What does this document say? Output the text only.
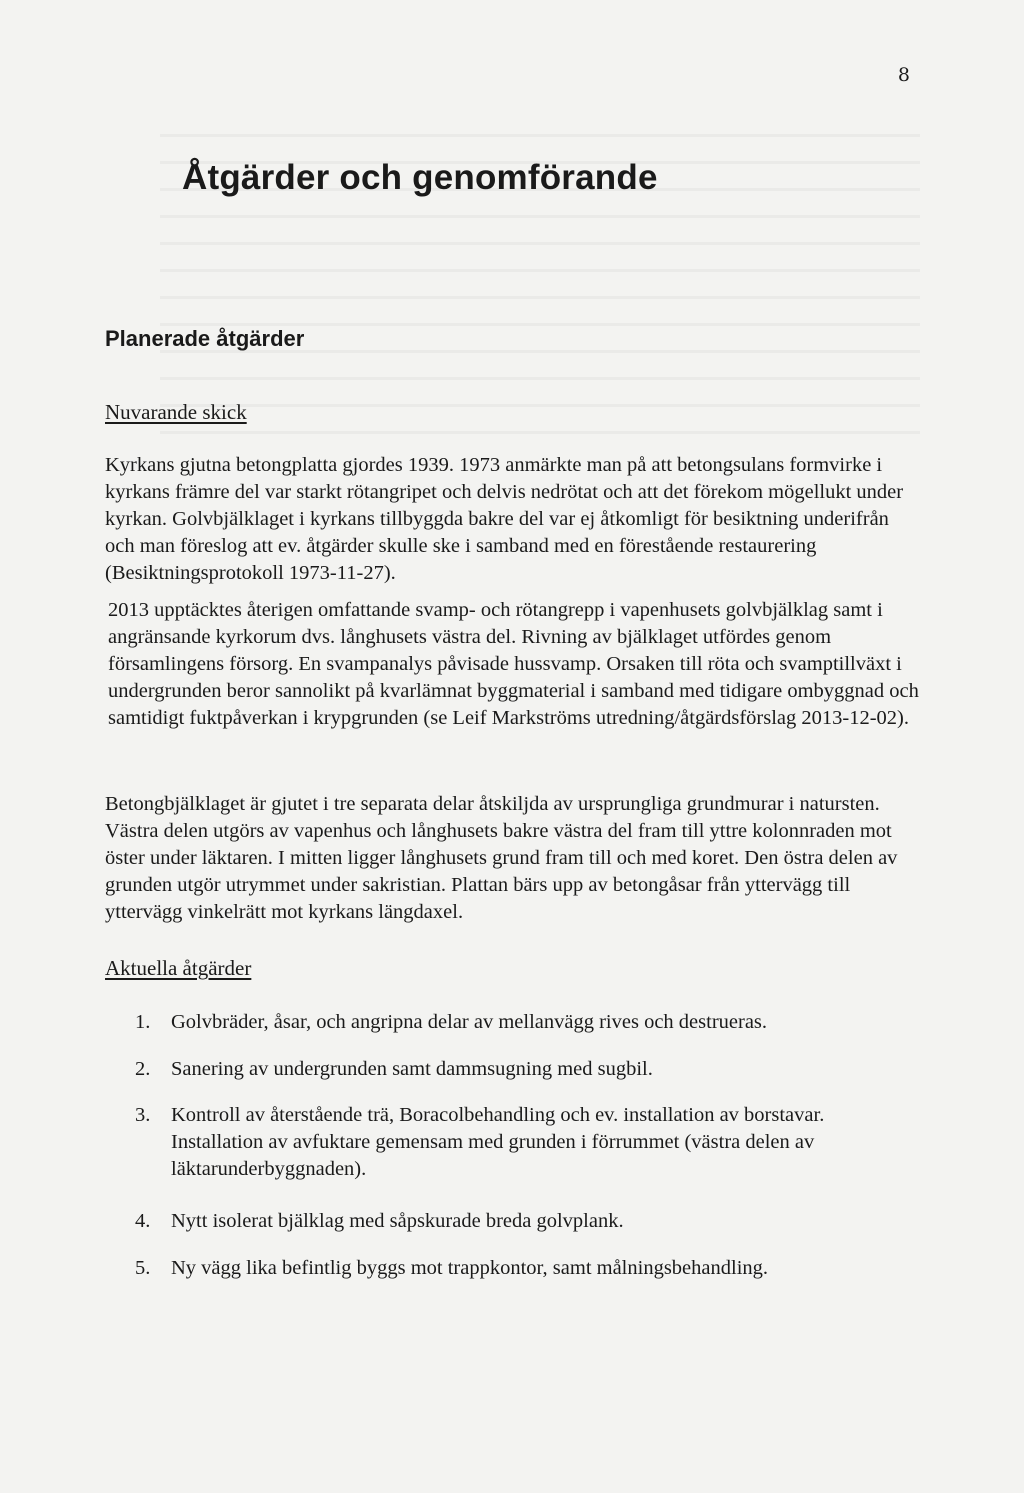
8
Åtgärder och genomförande
Planerade åtgärder
Nuvarande skick

Kyrkans gjutna betongplatta gjordes 1939. 1973 anmärkte man på att betongsulans formvirke i kyrkans främre del var starkt rötangripet och delvis nedrötat och att det förekom mögellukt under kyrkan. Golvbjälklaget i kyrkans tillbyggda bakre del var ej åtkomligt för besiktning underifrån och man föreslog att ev. åtgärder skulle ske i samband med en förestående restaurering (Besiktningsprotokoll 1973-11-27).

2013 upptäcktes återigen omfattande svamp- och rötangrepp i vapenhusets golvbjälklag samt i angränsande kyrkorum dvs. långhusets västra del. Rivning av bjälklaget utfördes genom församlingens försorg. En svampanalys påvisade hussvamp. Orsaken till röta och svamptillväxt i undergrunden beror sannolikt på kvarlämnat byggmaterial i samband med tidigare ombyggnad och samtidigt fuktpåverkan i krypgrunden (se Leif Markströms utredning/åtgärdsförslag 2013-12-02).

Betongbjälklaget är gjutet i tre separata delar åtskiljda av ursprungliga grundmurar i natursten. Västra delen utgörs av vapenhus och långhusets bakre västra del fram till yttre kolonnraden mot öster under läktaren. I mitten ligger långhusets grund fram till och med koret. Den östra delen av grunden utgör utrymmet under sakristian. Plattan bärs upp av betongåsar från yttervägg till yttervägg vinkelrätt mot kyrkans längdaxel.

Aktuella åtgärder
1.	Golvbräder, åsar, och angripna delar av mellanvägg rives och destrueras.
2.	Sanering av undergrunden samt dammsugning med sugbil.
3.	Kontroll av återstående trä, Boracolbehandling och ev. installation av borstavar. Installation av avfuktare gemensam med grunden i förrummet (västra delen av läktarunderbyggnaden).
4.	Nytt isolerat bjälklag med såpskurade breda golvplank.
5.	Ny vägg lika befintlig byggs mot trappkontor, samt målningsbehandling.
